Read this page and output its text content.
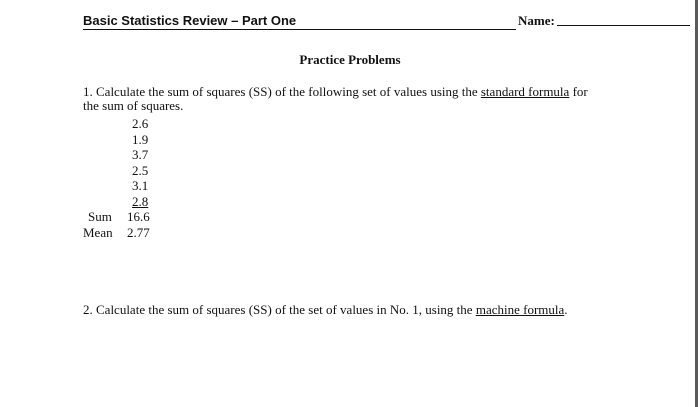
Basic Statistics Review – Part One	Name:
Practice Problems
1. Calculate the sum of squares (SS) of the following set of values using the standard formula for
the sum of squares.
2.6
1.9
3.7
2.5
3.1
2.8
Sum 16.6
Mean 2.77
2. Calculate the sum of squares (SS) of the set of values in No. 1, using the machine formula.
